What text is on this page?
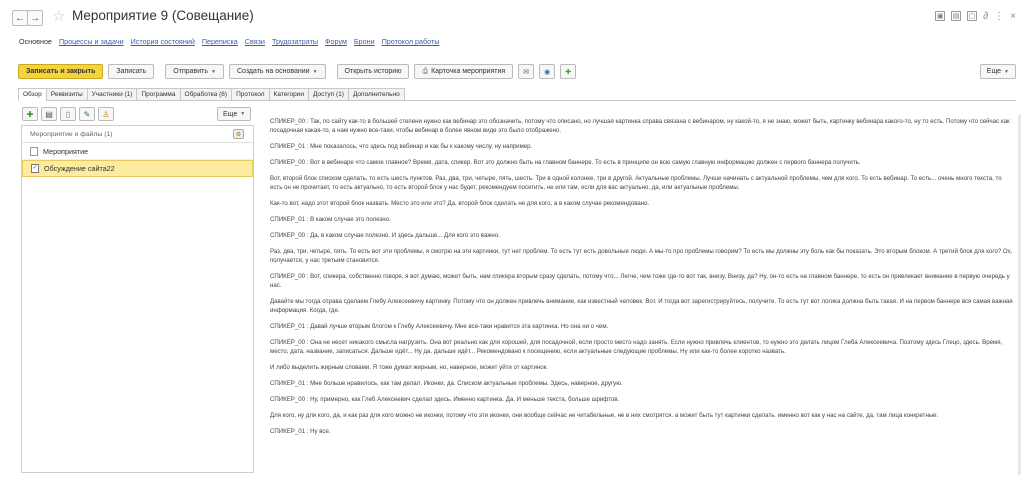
← → ☆ Мероприятие 9 (Совещание)	▣ ▤ ▢ ∂ ⋮ ×
Основное Процессы и задачи История состояний Переписка Связи Трудозатраты Форум Брони Протокол работы
Записать и закрыть	Записать	Отправить ▼	Создать на основании ▼	Открыть историю	⎙ Карточка мероприятия	✉ ◉ ✚	Еще ▼
Обзор	Реквизиты	Участники (1)	Программа	Обработка (6)	Протокол	Категории	Доступ (1)	Дополнительно
✚ ▤ ▯ ✎ ♙	Еще ▼
Мероприятие и файлы (1)	⚙
Мероприятие
✓ Обсуждение сайта22

СПИКЕР_00 : Так, по сайту как-то в большей степени нужно как вебинар это обозначить, потому что описано, но лучшая картинка справа связана с вебинаром, ну какой-то, я не знаю, может быть, картинку вебинара какого-то, ну то есть. Потому что сейчас как посадочная какая-то, а нам нужно все-таки, чтобы вебинар в более явном виде это было отображено.

СПИКЕР_01 : Мне показалось, что здесь под вебинар и как бы к какому числу, ну например.

СПИКЕР_00 : Вот в вебинаре что самое главное? Время, дата, спикер. Вот это должно быть на главном баннере. То есть в принципе он всю самую главную информацию должен с первого баннера получить.

Вот, второй блок списком сделать, то есть шесть пунктов. Раз, два, три, четыре, пять, шесть. Три в одной колонке, три в другой. Актуальные проблемы. Лучше начинать с актуальной проблемы, чем для кого. То есть вебинар. То есть... очень много текста, то есть он не прочитает, то есть актуально, то есть второй блок у нас будет, рекомендуем посетить, не или там, если для вас актуально, да, или актуальные проблемы.

Как-то вот, надо этот второй блок назвать. Место это или это? Да, второй блок сделать не для кого, а в каком случае рекомендовано.

СПИКЕР_01 : В каком случае это полезно.

СПИКЕР_00 : Да, в каком случае полезно. И здесь дальше... Для кого это важно.

Раз, два, три, четыре, пять. То есть вот эти проблемы, я смотрю на эти картинки, тут нет проблем. То есть тут есть довольные люди. А мы-то про проблемы говорим? То есть мы должны эту боль как бы показать. Это вторым блоком. А третий блок для кого? Ох, получается, у нас третьим становится.

СПИКЕР_00 : Вот, спикера, собственно говоря, я вот думаю, может быть, нам спикера вторым сразу сделать, потому что... Легче, чем тоже где-то вот так, внизу. Внизу, да? Ну, он-то есть на главном баннере, то есть он привлекает внимание в первую очередь у нас.

Давайте мы тогда справа сделаем Глебу Алексеевичу картинку. Потому что он должен привлечь внимание, как известный человек. Вот. И тогда вот зарегистрируйтесь, получите. То есть тут вот логика должна быть такая. И на первом баннере вся самая важная информация. Когда, где.

СПИКЕР_01 : Давай лучше вторым блогом к Глебу Алексеевичу. Мне все-таки нравится эта картинка. Но она ни о чем.

СПИКЕР_00 : Она не несет никакого смысла нагрузить. Она вот реально как для хорошей, для посадочной, если просто место надо занять. Если нужно привлечь клиентов, то нужно это делать лицом Глеба Алексеевича. Поэтому здесь Глецо, здесь. Время, место, дата, название, записаться. Дальше идёт... Ну да. дальше идёт... Рекомендовано к посещению, если актуальные следующие проблемы. Ну или как-то более коротко назвать.

И либо выделить жирным словами. Я тоже думал жирным, но, наверное, может уйти от картинок.

СПИКЕР_01 : Мне больше нравилось, как там делал. Иконки, да. Списком актуальные проблемы. Здесь, наверное, другую.

СПИКЕР_00 : Ну, примерно, как Глеб Алексеевич сделал здесь. Именно картинка. Да. И меньше текста, больше шрифтов.

Для кого, ну для кого, да, и как раз для кого можно не иконки, потому что эти иконки, они вообще сейчас не читабельные, не в них смотрятся. а может быть тут картинки сделать. именно вот как у нас на сайте, да, там лица конкретные.

СПИКЕР_01 : Ну все.
